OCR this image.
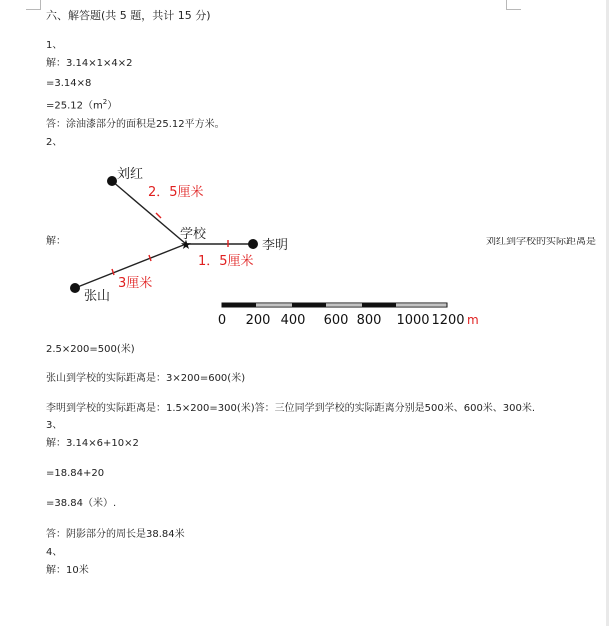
六、解答题(共 5 题，共计 15 分)
1、
解：3.14×1×4×2
=3.14×8
$=25.12(m^2)$
答：涂油漆部分的面积是25.12平方米。
2、
解：	★
刘红
学校
李明
张山
2．5厘米
1．5厘米
3厘米
0 200 400 600 800 1000 1200 m
刘红到学校的实际距离是
2.5×200=500(米)
张山到学校的实际距离是：3×200=600(米)
李明到学校的实际距离是：1.5×200=300(米)答：三位同学到学校的实际距离分别是500米、600米、300米.
3、
解：3.14×6+10×2
=18.84+20
=38.84（米）.
答：阴影部分的周长是38.84米
4、
解：10米
